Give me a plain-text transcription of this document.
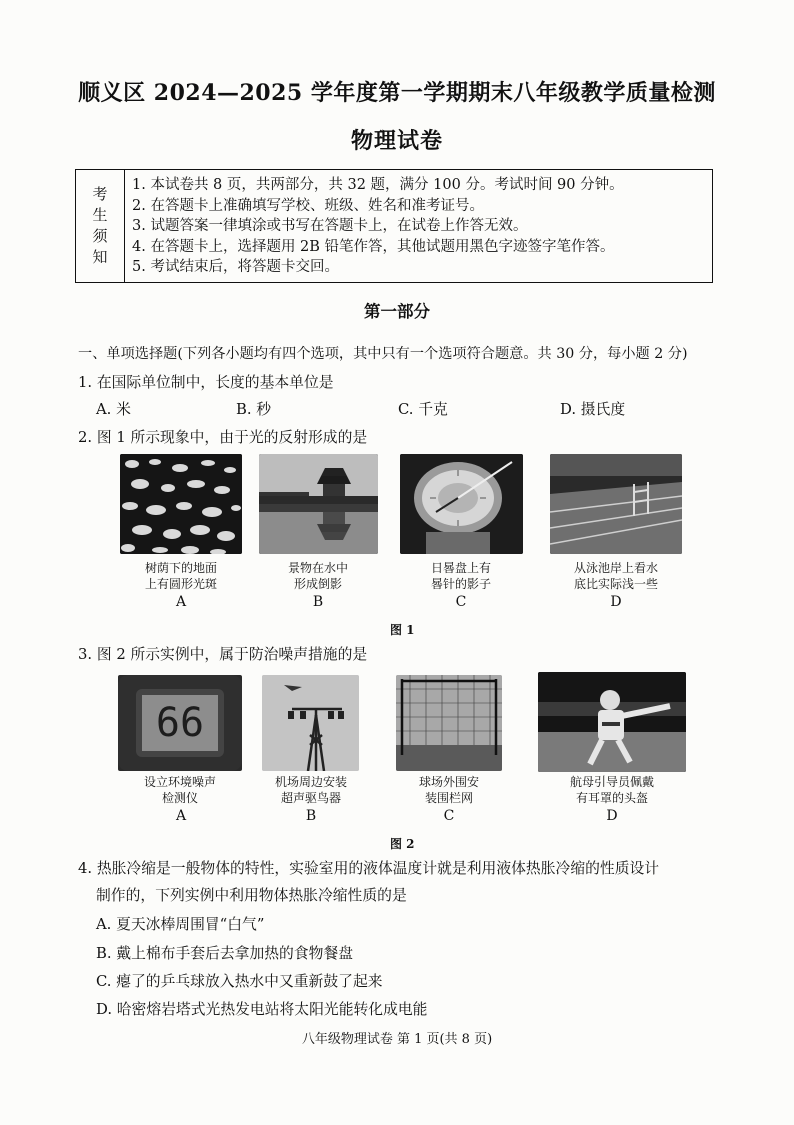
顺义区 2024—2025 学年度第一学期期末八年级教学质量检测
物理试卷
考
生
须
知
1. 本试卷共 8 页，共两部分，共 32 题，满分 100 分。考试时间 90 分钟。
2. 在答题卡上准确填写学校、班级、姓名和准考证号。
3. 试题答案一律填涂或书写在答题卡上，在试卷上作答无效。
4. 在答题卡上，选择题用 2B 铅笔作答，其他试题用黑色字迹签字笔作答。
5. 考试结束后，将答题卡交回。
第一部分
一、单项选择题(下列各小题均有四个选项，其中只有一个选项符合题意。共 30 分，每小题 2 分)
1. 在国际单位制中，长度的基本单位是
A. 米	B. 秒	C. 千克	D. 摄氏度
2. 图 1 所示现象中，由于光的反射形成的是
树荫下的地面
上有圆形光斑
景物在水中
形成倒影
日晷盘上有
晷针的影子
从泳池岸上看水
底比实际浅一些
A	B	C	D
图 1
3. 图 2 所示实例中，属于防治噪声措施的是
66
设立环境噪声
检测仪
机场周边安装
超声驱鸟器
球场外围安
装围栏网
航母引导员佩戴
有耳罩的头盔
A	B	C	D
图 2
4. 热胀冷缩是一般物体的特性，实验室用的液体温度计就是利用液体热胀冷缩的性质设计
制作的，下列实例中利用物体热胀冷缩性质的是
A. 夏天冰棒周围冒“白气”
B. 戴上棉布手套后去拿加热的食物餐盘
C. 瘪了的乒乓球放入热水中又重新鼓了起来
D. 哈密熔岩塔式光热发电站将太阳光能转化成电能
八年级物理试卷 第 1 页(共 8 页)
